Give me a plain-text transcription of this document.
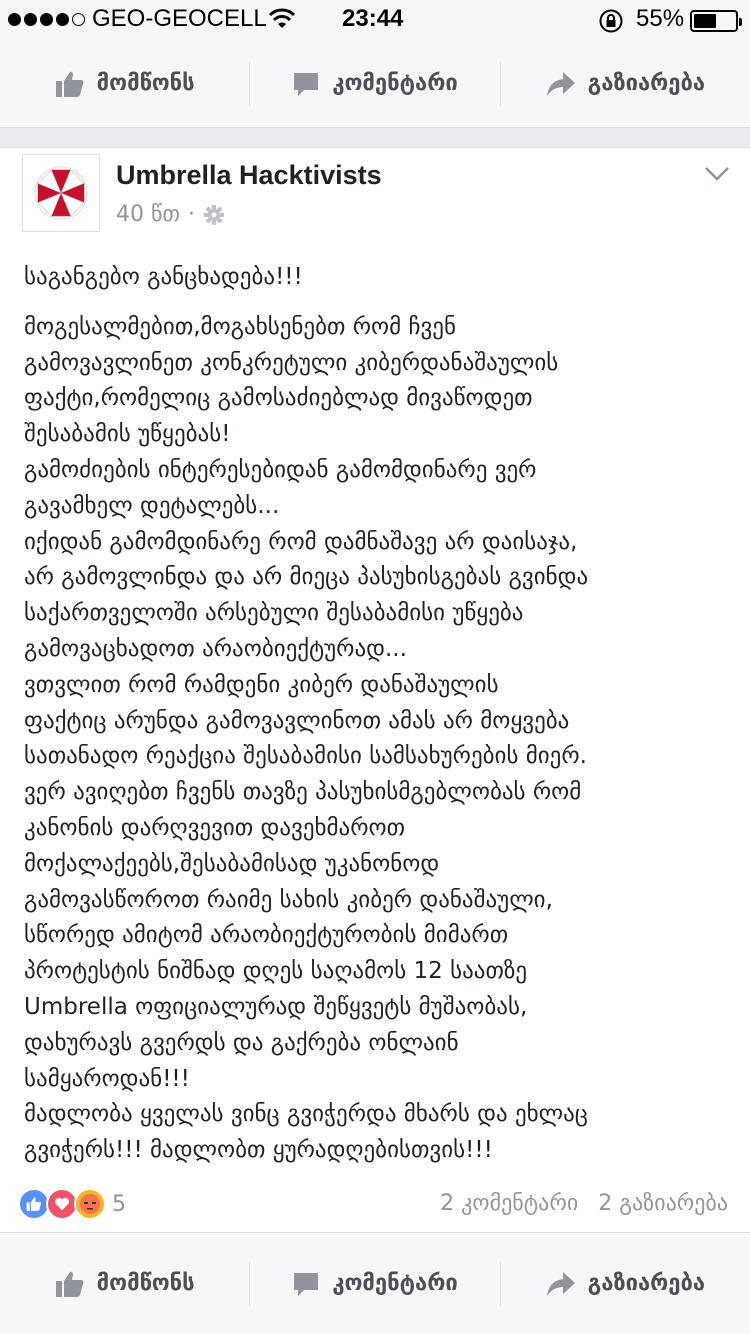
GEO-GEOCELL	23:44	55%
მომწონს	კომენტარი	გაზიარება
Umbrella Hacktivists
40 წთ ·

საგანგებო განცხადება!!!

მოგესალმებით,მოგახსენებთ რომ ჩვენ

გამოვავლინეთ კონკრეტული კიბერდანაშაულის

ფაქტი,რომელიც გამოსაძიებლად მივაწოდეთ

შესაბამის უწყებას!

გამოძიების ინტერესებიდან გამომდინარე ვერ

გავამხელ დეტალებს...

იქიდან გამომდინარე რომ დამნაშავე არ დაისაჯა,

არ გამოვლინდა და არ მიეცა პასუხისგებას გვინდა

საქართველოში არსებული შესაბამისი უწყება

გამოვაცხადოთ არაობიექტურად...

ვთვლით რომ რამდენი კიბერ დანაშაულის

ფაქტიც არუნდა გამოვავლინოთ ამას არ მოყვება

სათანადო რეაქცია შესაბამისი სამსახურების მიერ.

ვერ ავიღებთ ჩვენს თავზე პასუხისმგებლობას რომ

კანონის დარღვევით დავეხმაროთ

მოქალაქეებს,შესაბამისად უკანონოდ

გამოვასწოროთ რაიმე სახის კიბერ დანაშაული,

სწორედ ამიტომ არაობიექტურობის მიმართ

პროტესტის ნიშნად დღეს საღამოს 12 საათზე

Umbrella ოფიციალურად შეწყვეტს მუშაობას,

დახურავს გვერდს და გაქრება ონლაინ

სამყაროდან!!!

მადლობა ყველას ვინც გვიჭერდა მხარს და ეხლაც

გვიჭერს!!! მადლობთ ყურადღებისთვის!!!

5	2 კომენტარი 2 გაზიარება
მომწონს	კომენტარი	გაზიარება
